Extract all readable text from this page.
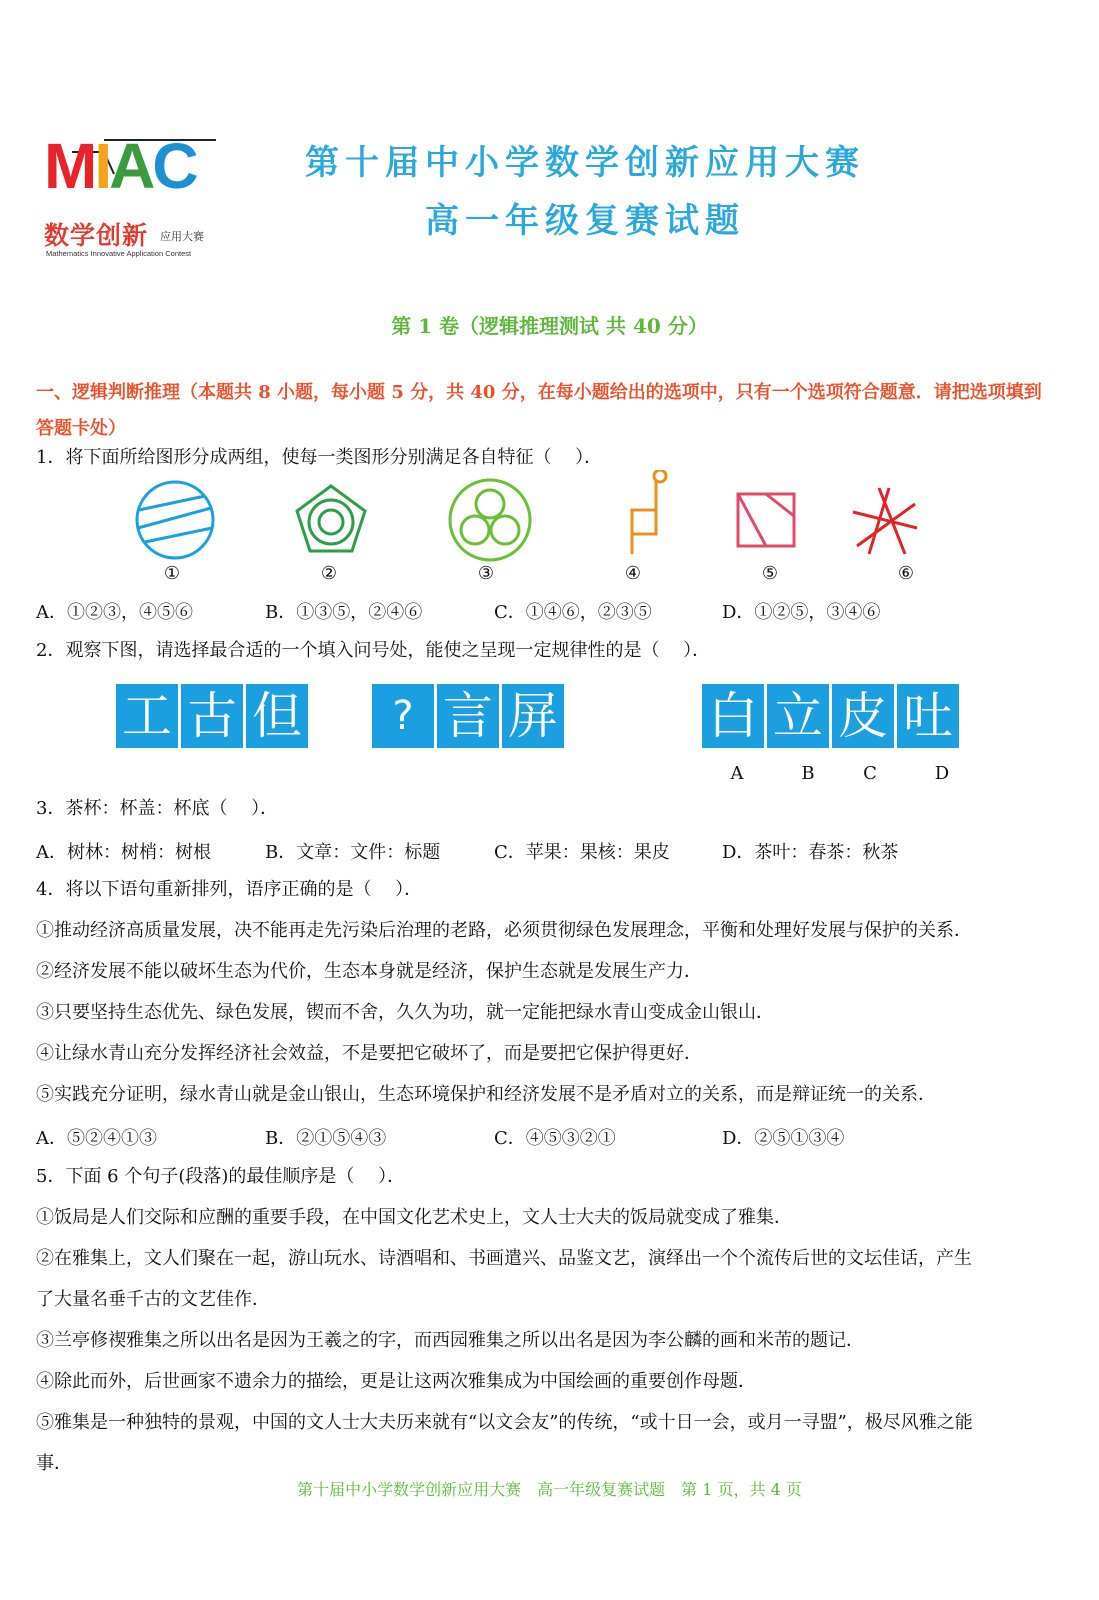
MIAC
数学创新 应用大赛
Mathematics Innovative Application Contest
第十届中小学数学创新应用大赛
高一年级复赛试题
第 1 卷（逻辑推理测试 共 40 分）
一、逻辑判断推理（本题共 8 小题，每小题 5 分，共 40 分，在每小题给出的选项中，只有一个选项符合题意．请把选项填到答题卡处）
1．将下面所给图形分成两组，使每一类图形分别满足各自特征（　 ）．
①	②	③	④	⑤	⑥
A．①②③，④⑤⑥	B．①③⑤，②④⑥	C．①④⑥，②③⑤	D．①②⑤，③④⑥
2．观察下图，请选择最合适的一个填入问号处，能使之呈现一定规律性的是（　 ）．
工 古 但	? 言 屏	白 立 皮 吐
A	B	C	D
3．茶杯：杯盖：杯底（　 ）．
A．树林：树梢：树根	B．文章：文件：标题	C．苹果：果核：果皮	D．茶叶：春茶：秋茶
4．将以下语句重新排列，语序正确的是（　 ）．
①推动经济高质量发展，决不能再走先污染后治理的老路，必须贯彻绿色发展理念，平衡和处理好发展与保护的关系．
②经济发展不能以破坏生态为代价，生态本身就是经济，保护生态就是发展生产力．
③只要坚持生态优先、绿色发展，锲而不舍，久久为功，就一定能把绿水青山变成金山银山．
④让绿水青山充分发挥经济社会效益，不是要把它破坏了，而是要把它保护得更好．
⑤实践充分证明，绿水青山就是金山银山，生态环境保护和经济发展不是矛盾对立的关系，而是辩证统一的关系．
A．⑤②④①③	B．②①⑤④③	C．④⑤③②①	D．②⑤①③④
5．下面 6 个句子(段落)的最佳顺序是（　 ）．
①饭局是人们交际和应酬的重要手段，在中国文化艺术史上，文人士大夫的饭局就变成了雅集．
②在雅集上，文人们聚在一起，游山玩水、诗酒唱和、书画遣兴、品鉴文艺，演绎出一个个流传后世的文坛佳话，产生
了大量名垂千古的文艺佳作．
③兰亭修禊雅集之所以出名是因为王羲之的字，而西园雅集之所以出名是因为李公麟的画和米芾的题记．
④除此而外，后世画家不遗余力的描绘，更是让这两次雅集成为中国绘画的重要创作母题．
⑤雅集是一种独特的景观，中国的文人士大夫历来就有“以文会友”的传统，“或十日一会，或月一寻盟”，极尽风雅之能
事．
第十届中小学数学创新应用大赛　高一年级复赛试题　第 1 页，共 4 页
